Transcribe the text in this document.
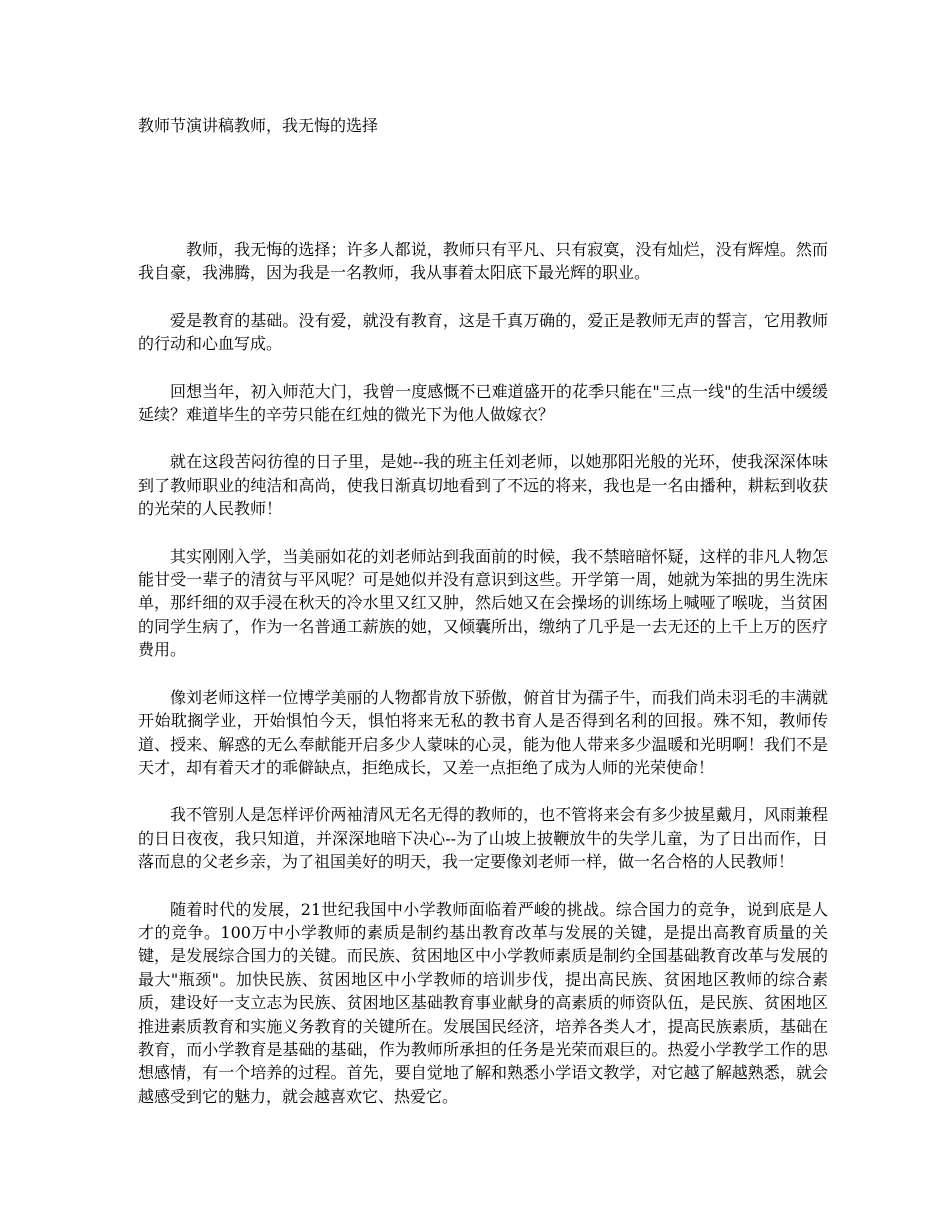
教师节演讲稿教师，我无悔的选择

教师，我无悔的选择；许多人都说，教师只有平凡、只有寂寞，没有灿烂，没有辉煌。然而我自豪，我沸腾，因为我是一名教师，我从事着太阳底下最光辉的职业。

爱是教育的基础。没有爱，就没有教育，这是千真万确的，爱正是教师无声的誓言，它用教师的行动和心血写成。

回想当年，初入师范大门，我曾一度感慨不已难道盛开的花季只能在"三点一线"的生活中缓缓延续？难道毕生的辛劳只能在红烛的微光下为他人做嫁衣？

就在这段苦闷彷徨的日子里，是她--我的班主任刘老师，以她那阳光般的光环，使我深深体味到了教师职业的纯洁和高尚，使我日渐真切地看到了不远的将来，我也是一名由播种，耕耘到收获的光荣的人民教师！

其实刚刚入学，当美丽如花的刘老师站到我面前的时候，我不禁暗暗怀疑，这样的非凡人物怎能甘受一辈子的清贫与平风呢？可是她似并没有意识到这些。开学第一周，她就为笨拙的男生洗床单，那纤细的双手浸在秋天的冷水里又红又肿，然后她又在会操场的训练场上喊哑了喉咙，当贫困的同学生病了，作为一名普通工薪族的她，又倾囊所出，缴纳了几乎是一去无还的上千上万的医疗费用。

像刘老师这样一位博学美丽的人物都肯放下骄傲，俯首甘为孺子牛，而我们尚未羽毛的丰满就开始耽搁学业，开始惧怕今天，惧怕将来无私的教书育人是否得到名利的回报。殊不知，教师传道、授来、解惑的无么奉献能开启多少人蒙味的心灵，能为他人带来多少温暖和光明啊！我们不是天才，却有着天才的乖僻缺点，拒绝成长，又差一点拒绝了成为人师的光荣使命！

我不管别人是怎样评价两袖清风无名无得的教师的，也不管将来会有多少披星戴月，风雨兼程的日日夜夜，我只知道，并深深地暗下决心--为了山坡上披鞭放牛的失学儿童，为了日出而作，日落而息的父老乡亲，为了祖国美好的明天，我一定要像刘老师一样，做一名合格的人民教师！

随着时代的发展，21世纪我国中小学教师面临着严峻的挑战。综合国力的竞争，说到底是人才的竞争。100万中小学教师的素质是制约基出教育改革与发展的关键，是提出高教育质量的关键，是发展综合国力的关键。而民族、贫困地区中小学教师素质是制约全国基础教育改革与发展的最大"瓶颈"。加快民族、贫困地区中小学教师的培训步伐，提出高民族、贫困地区教师的综合素质，建设好一支立志为民族、贫困地区基础教育事业献身的高素质的师资队伍，是民族、贫困地区推进素质教育和实施义务教育的关键所在。发展国民经济，培养各类人才，提高民族素质，基础在教育，而小学教育是基础的基础，作为教师所承担的任务是光荣而艰巨的。热爱小学教学工作的思想感情，有一个培养的过程。首先，要自觉地了解和熟悉小学语文教学，对它越了解越熟悉，就会越感受到它的魅力，就会越喜欢它、热爱它。
